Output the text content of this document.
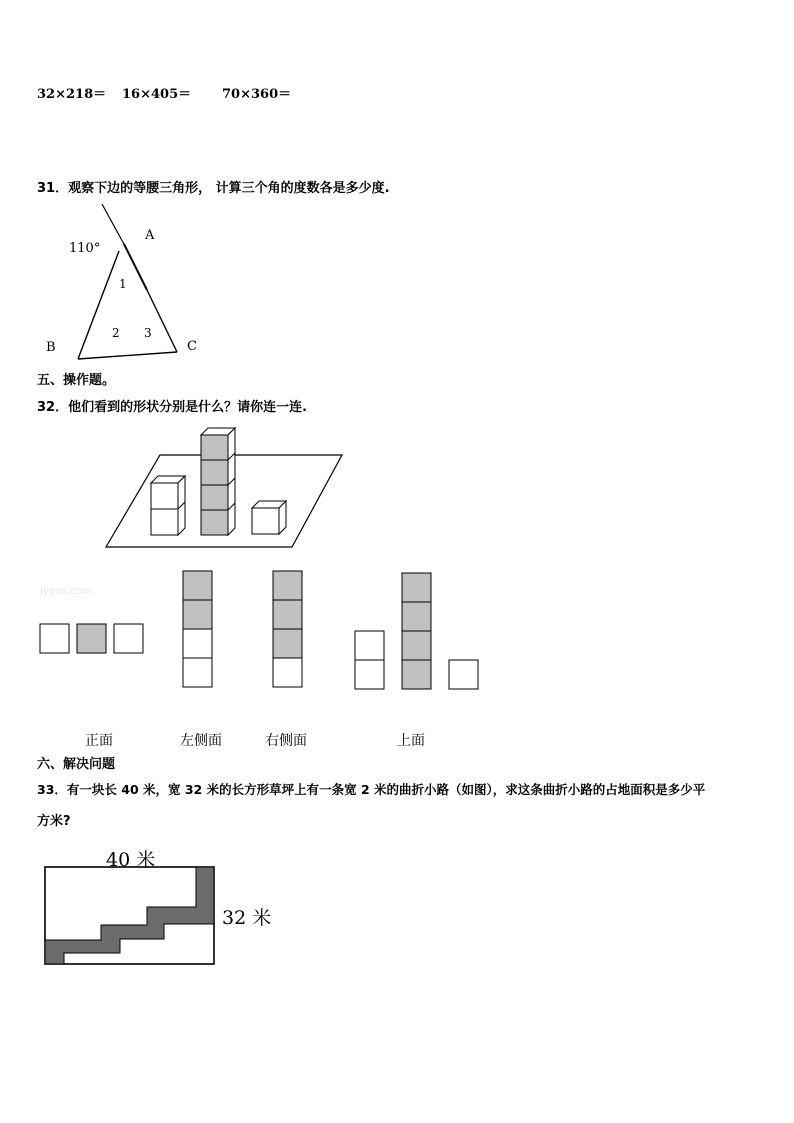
32×218＝ 16×405＝ 70×360＝
31．观察下边的等腰三角形， 计算三个角的度数各是多少度.
110°
A
B	C
1
2 3
五、操作题。
32．他们看到的形状分别是什么？请你连一连.
Jyeoo.com
正面	左侧面	右侧面	上面
六、解决问题
33．有一块长 40 米，宽 32 米的长方形草坪上有一条宽 2 米的曲折小路（如图），求这条曲折小路的占地面积是多少平
方米?
40 米
32 米
